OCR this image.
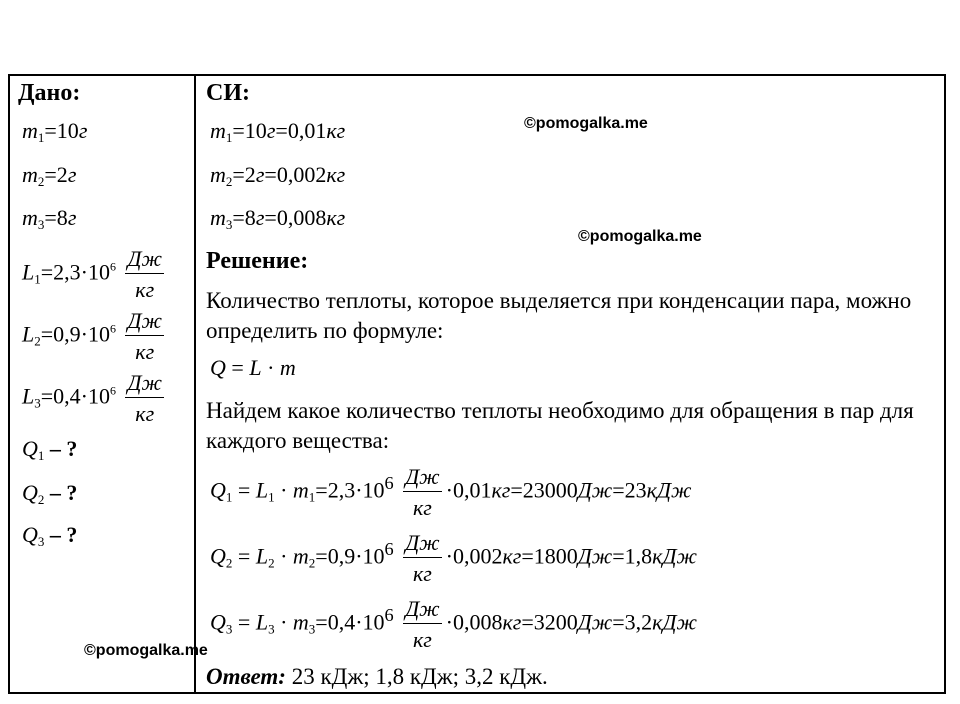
Дано:
$m_1=10г$
$m_2=2г$
$m_3=8г$
$L_1=2,3\cdot 10^6 \frac{Дж}{кг}$
$L_2=0,9\cdot 10^6 \frac{Дж}{кг}$
$L_3=0,4\cdot 10^6 \frac{Дж}{кг}$
$Q_1$ – ?
$Q_2$ – ?
$Q_3$ – ?
СИ:
$m_1=10г=0,01кг$
$m_2=2г=0,002кг$
$m_3=8г=0,008кг$
Решение:
Количество теплоты, которое выделяется при конденсации пара, можно определить по формуле:
Q = L · m
Найдем какое количество теплоты необходимо для обращения в пар для каждого вещества:
$Q_1 = L_1 \cdot m_1=2,3\cdot 10^6 \frac{Дж}{кг} \cdot 0,01кг=23000Дж=23кДж$
$Q_2 = L_2 \cdot m_2=0,9\cdot 10^6 \frac{Дж}{кг} \cdot 0,002кг=1800Дж=1,8кДж$
$Q_3 = L_3 \cdot m_3=0,4\cdot 10^6 \frac{Дж}{кг} \cdot 0,008кг=3200Дж=3,2кДж$
Ответ: 23 кДж; 1,8 кДж; 3,2 кДж.
©pomogalka.me
©pomogalka.me
©pomogalka.me
